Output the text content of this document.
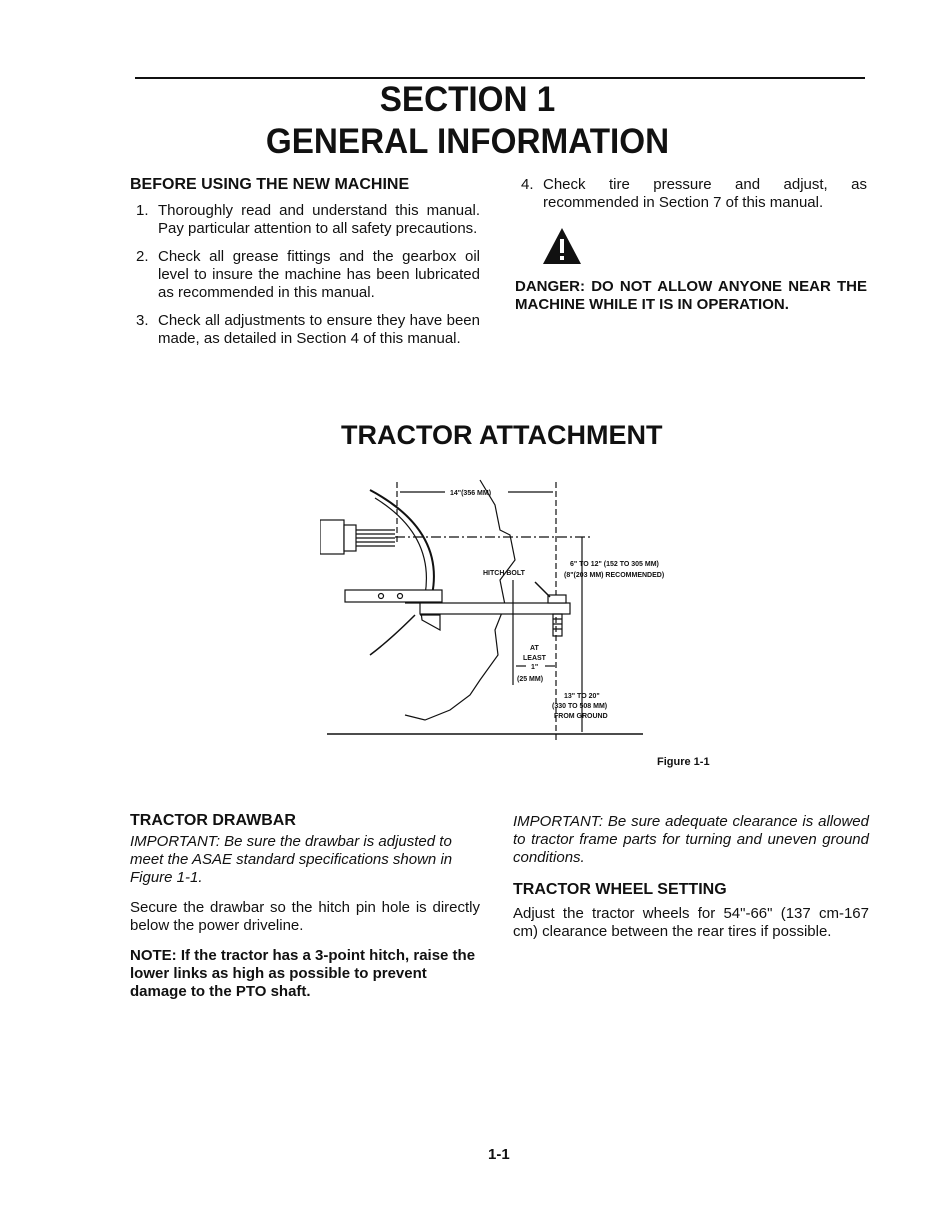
SECTION 1
GENERAL INFORMATION
BEFORE USING THE NEW MACHINE
1. Thoroughly read and understand this manual. Pay particular attention to all safety precautions.
2. Check all grease fittings and the gearbox oil level to insure the machine has been lubricated as recommended in this manual.
3. Check all adjustments to ensure they have been made, as detailed in Section 4 of this manual.
4. Check tire pressure and adjust, as recommended in Section 7 of this manual.
DANGER: DO NOT ALLOW ANYONE NEAR THE MACHINE WHILE IT IS IN OPERATION.
TRACTOR ATTACHMENT
14"(356 MM)
HITCH BOLT
6" TO 12" (152 TO 305 MM)
(8"(203 MM) RECOMMENDED)
AT
LEAST
1"
(25 MM)
13" TO 20"
(330 TO 508 MM)
FROM GROUND
Figure 1-1
TRACTOR DRAWBAR
IMPORTANT: Be sure the drawbar is adjusted to meet the ASAE standard specifications shown in Figure 1-1.
Secure the drawbar so the hitch pin hole is directly below the power driveline.
NOTE: If the tractor has a 3-point hitch, raise the lower links as high as possible to prevent damage to the PTO shaft.
IMPORTANT: Be sure adequate clearance is allowed to tractor frame parts for turning and uneven ground conditions.
TRACTOR WHEEL SETTING
Adjust the tractor wheels for 54"-66" (137 cm-167 cm) clearance between the rear tires if possible.
1-1
